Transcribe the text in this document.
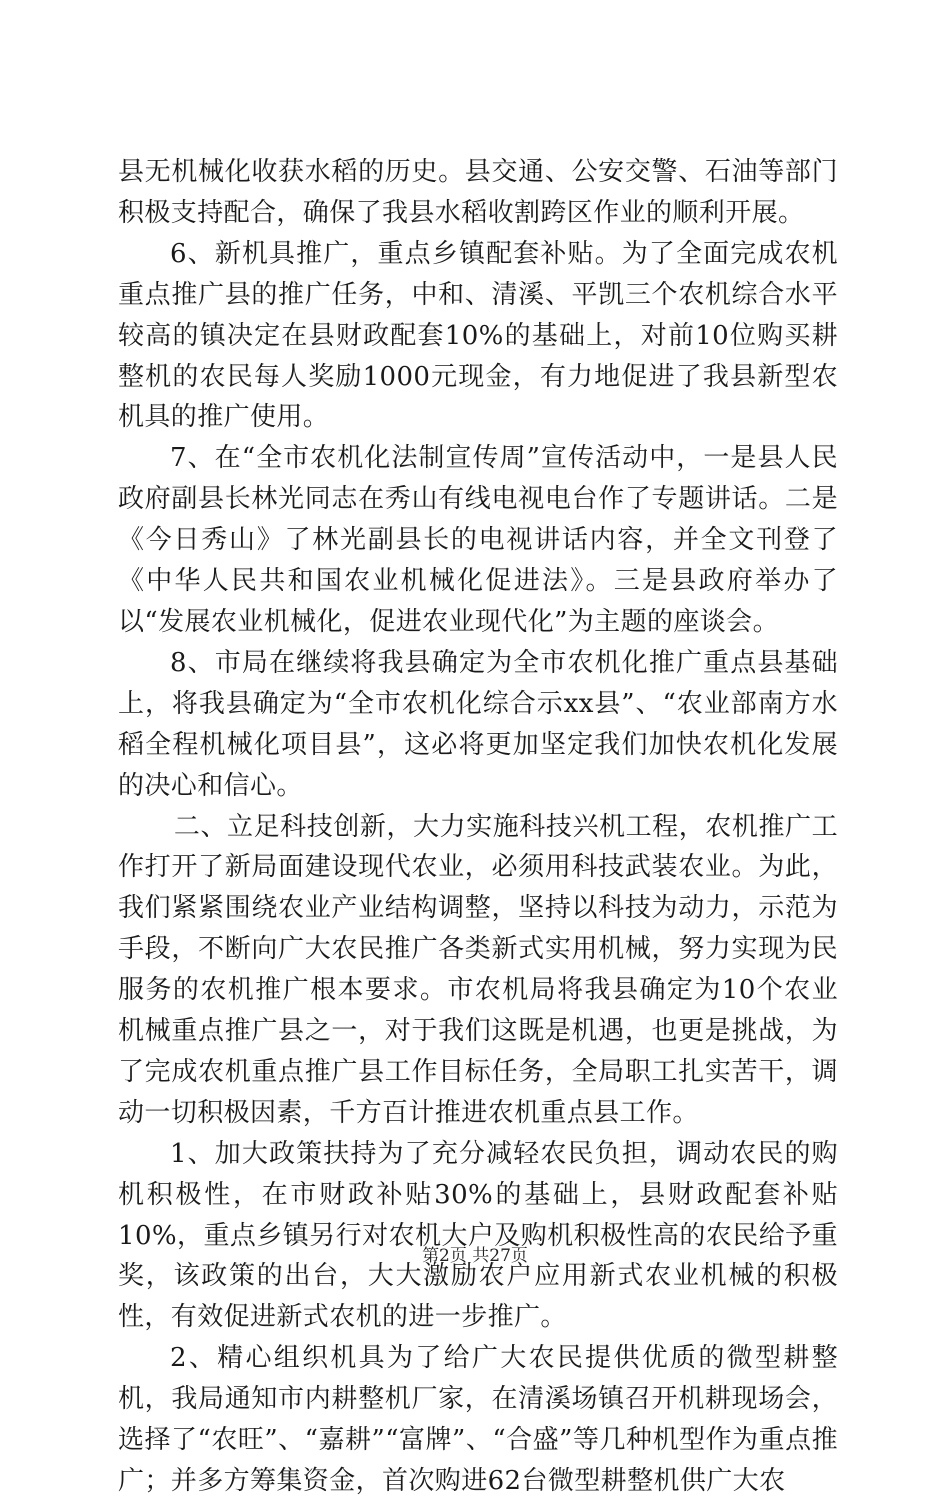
县无机械化收获水稻的历史。县交通、公安交警、石油等部门积极支持配合，确保了我县水稻收割跨区作业的顺利开展。

6、新机具推广，重点乡镇配套补贴。为了全面完成农机重点推广县的推广任务，中和、清溪、平凯三个农机综合水平较高的镇决定在县财政配套10%的基础上，对前10位购买耕整机的农民每人奖励1000元现金，有力地促进了我县新型农机具的推广使用。

7、在“全市农机化法制宣传周”宣传活动中，一是县人民政府副县长林光同志在秀山有线电视电台作了专题讲话。二是《今日秀山》了林光副县长的电视讲话内容，并全文刊登了《中华人民共和国农业机械化促进法》。三是县政府举办了以“发展农业机械化，促进农业现代化”为主题的座谈会。

8、市局在继续将我县确定为全市农机化推广重点县基础上，将我县确定为“全市农机化综合示xx县”、“农业部南方水稻全程机械化项目县”，这必将更加坚定我们加快农机化发展的决心和信心。

二、立足科技创新，大力实施科技兴机工程，农机推广工作打开了新局面建设现代农业，必须用科技武装农业。为此，我们紧紧围绕农业产业结构调整，坚持以科技为动力，示范为手段，不断向广大农民推广各类新式实用机械，努力实现为民服务的农机推广根本要求。市农机局将我县确定为10个农业机械重点推广县之一，对于我们这既是机遇，也更是挑战，为了完成农机重点推广县工作目标任务，全局职工扎实苦干，调动一切积极因素，千方百计推进农机重点县工作。

1、加大政策扶持为了充分减轻农民负担，调动农民的购机积极性，在市财政补贴30%的基础上，县财政配套补贴10%，重点乡镇另行对农机大户及购机积极性高的农民给予重奖，该政策的出台，大大激励农户应用新式农业机械的积极性，有效促进新式农机的进一步推广。

2、精心组织机具为了给广大农民提供优质的微型耕整机，我局通知市内耕整机厂家，在清溪场镇召开机耕现场会，选择了“农旺”、“嘉耕”“富牌”、“合盛”等几种机型作为重点推广；并多方筹集资金，首次购进62台微型耕整机供广大农

第2页 共27页
